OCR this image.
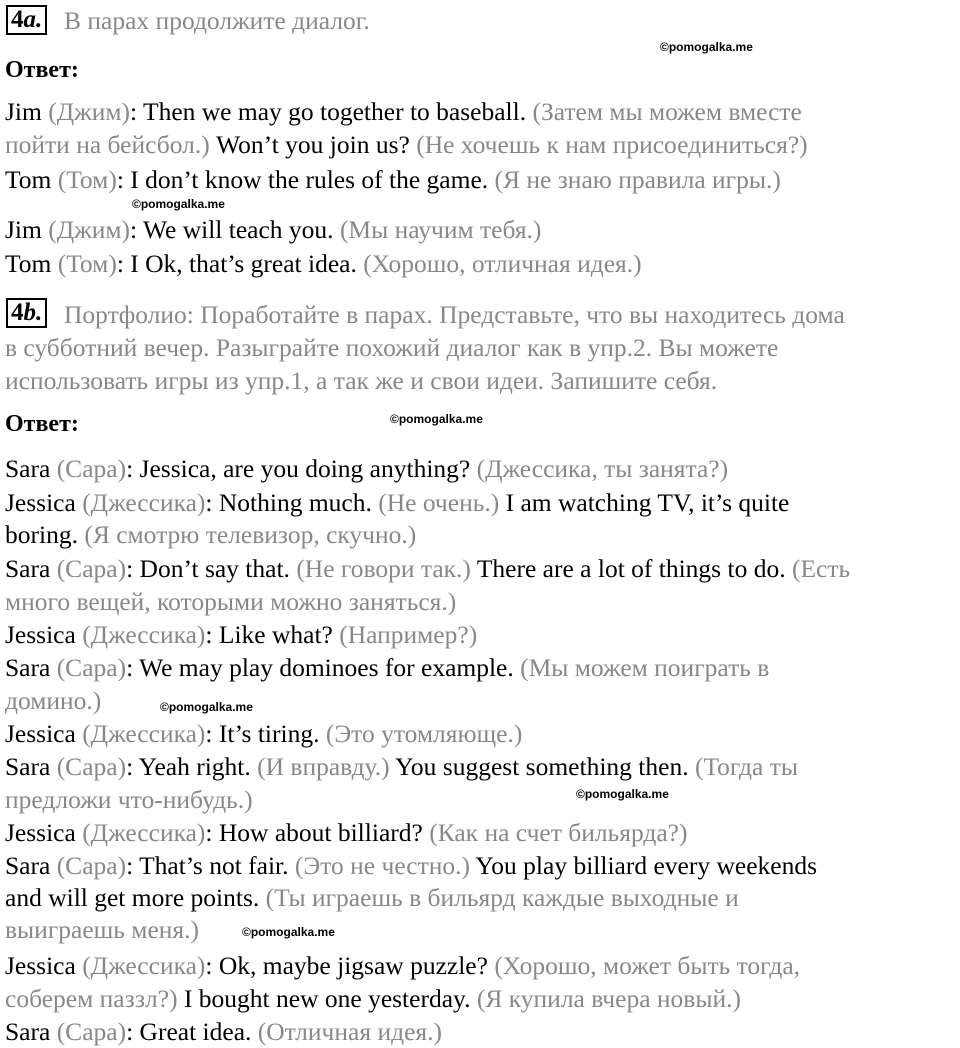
4a. В парах продолжите диалог.
©pomogalka.me
Ответ:
Jim (Джим): Then we may go together to baseball. (Затем мы можем вместе
пойти на бейсбол.) Won’t you join us? (Не хочешь к нам присоединиться?)
Tom (Том): I don’t know the rules of the game. (Я не знаю правила игры.)
Jim (Джим): We will teach you. (Мы научим тебя.)
Tom (Том): I Ok, that’s great idea. (Хорошо, отличная идея.)
©pomogalka.me
4b. Портфолио: Поработайте в парах. Представьте, что вы находитесь дома
в субботний вечер. Разыграйте похожий диалог как в упр.2. Вы можете
использовать игры из упр.1, а так же и свои идеи. Запишите себя.
Ответ:	©pomogalka.me
Sara (Сара): Jessica, are you doing anything? (Джессика, ты занята?)
Jessica (Джессика): Nothing much. (Не очень.) I am watching TV, it’s quite
boring. (Я смотрю телевизор, скучно.)
Sara (Сара): Don’t say that. (Не говори так.) There are a lot of things to do. (Есть
много вещей, которыми можно заняться.)
Jessica (Джессика): Like what? (Например?)
Sara (Сара): We may play dominoes for example. (Мы можем поиграть в
домино.)
Jessica (Джессика): It’s tiring. (Это утомляюще.)
Sara (Сара): Yeah right. (И вправду.) You suggest something then. (Тогда ты
предложи что-нибудь.)
Jessica (Джессика): How about billiard? (Как на счет бильярда?)
Sara (Сара): That’s not fair. (Это не честно.) You play billiard every weekends
and will get more points. (Ты играешь в бильярд каждые выходные и
выиграешь меня.)
Jessica (Джессика): Ok, maybe jigsaw puzzle? (Хорошо, может быть тогда,
соберем паззл?) I bought new one yesterday. (Я купила вчера новый.)
Sara (Сара): Great idea. (Отличная идея.)
©pomogalka.me
©pomogalka.me
©pomogalka.me
